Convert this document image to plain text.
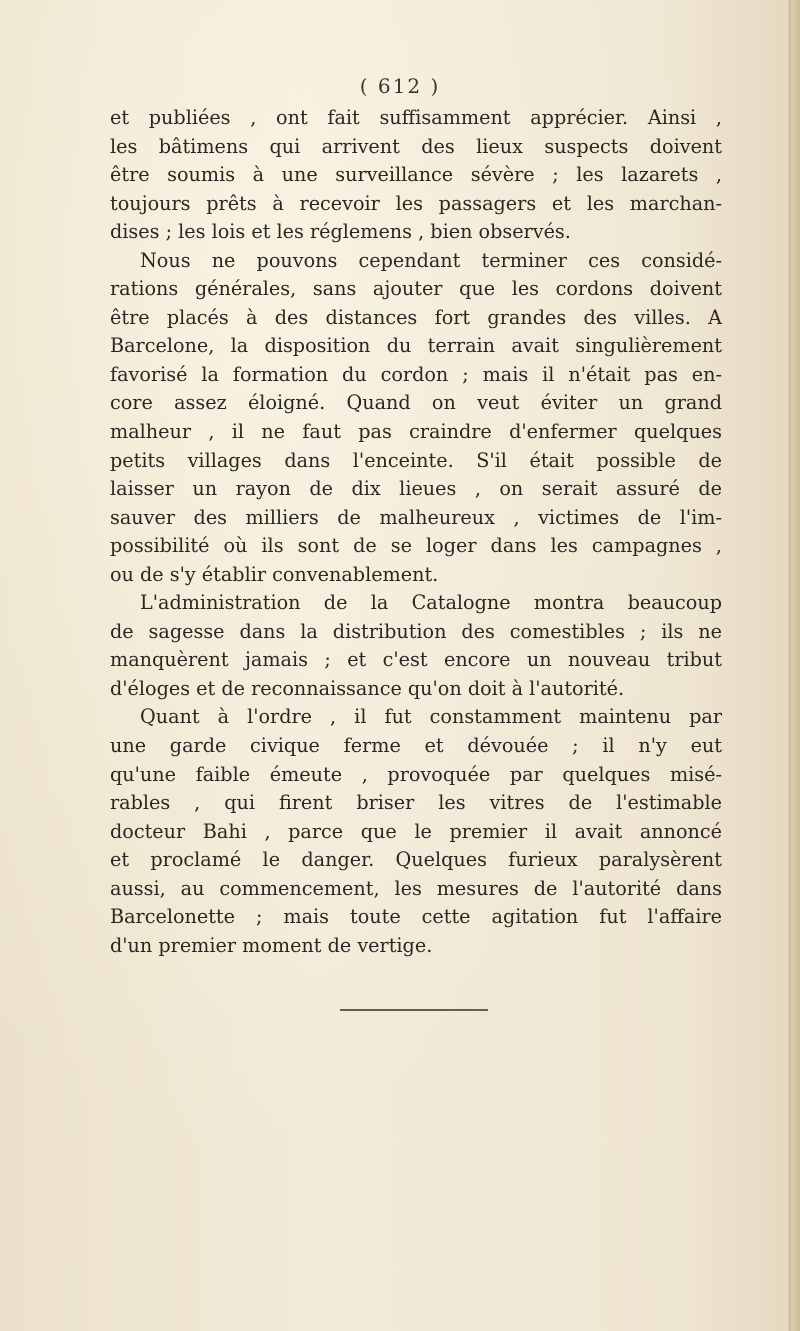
( 612 )
et publiées , ont fait suffisamment apprécier. Ainsi ,
les bâtimens qui arrivent des lieux suspects doivent
être soumis à une surveillance sévère ; les lazarets ,
toujours prêts à recevoir les passagers et les marchan-
dises ; les lois et les réglemens , bien observés.
Nous ne pouvons cependant terminer ces considé-
rations générales, sans ajouter que les cordons doivent
être placés à des distances fort grandes des villes. A
Barcelone, la disposition du terrain avait singulièrement
favorisé la formation du cordon ; mais il n'était pas en-
core assez éloigné. Quand on veut éviter un grand
malheur , il ne faut pas craindre d'enfermer quelques
petits villages dans l'enceinte. S'il était possible de
laisser un rayon de dix lieues , on serait assuré de
sauver des milliers de malheureux , victimes de l'im-
possibilité où ils sont de se loger dans les campagnes ,
ou de s'y établir convenablement.
L'administration de la Catalogne montra beaucoup
de sagesse dans la distribution des comestibles ; ils ne
manquèrent jamais ; et c'est encore un nouveau tribut
d'éloges et de reconnaissance qu'on doit à l'autorité.
Quant à l'ordre , il fut constamment maintenu par
une garde civique ferme et dévouée ; il n'y eut
qu'une faible émeute , provoquée par quelques misé-
rables , qui firent briser les vitres de l'estimable
docteur Bahi , parce que le premier il avait annoncé
et proclamé le danger. Quelques furieux paralysèrent
aussi, au commencement, les mesures de l'autorité dans
Barcelonette ; mais toute cette agitation fut l'affaire
d'un premier moment de vertige.
